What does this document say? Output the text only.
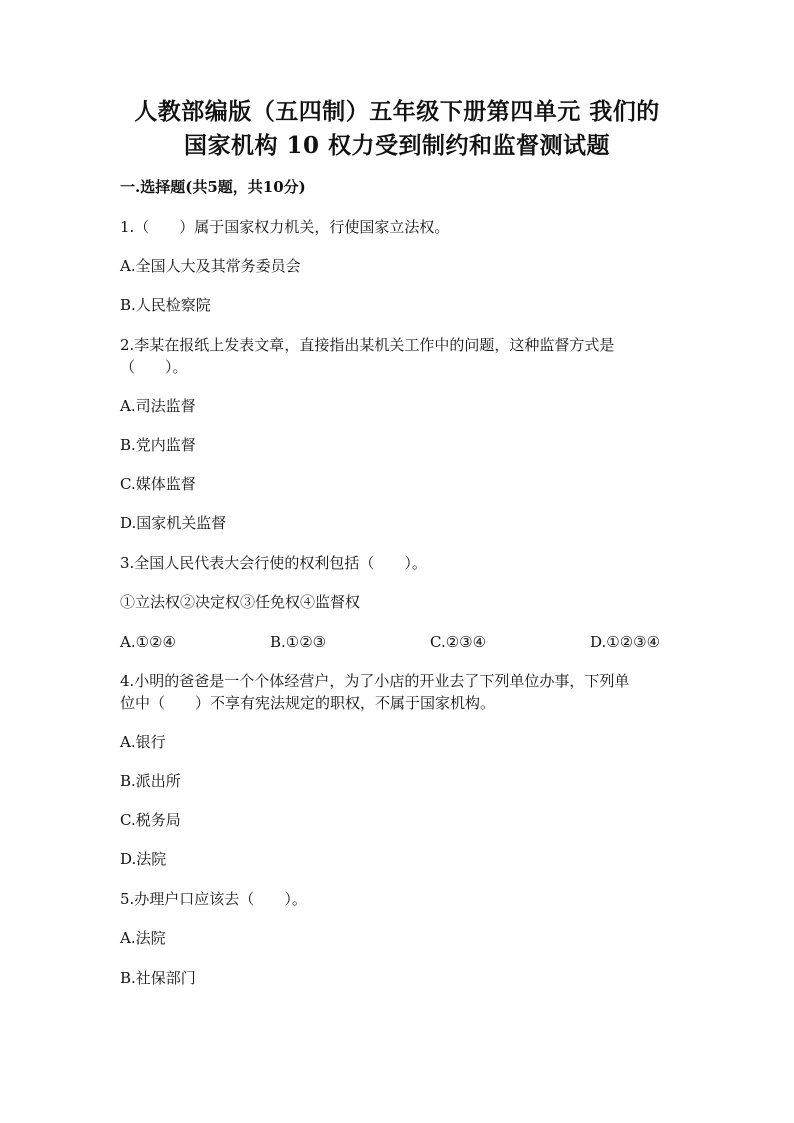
人教部编版（五四制）五年级下册第四单元 我们的
国家机构 10 权力受到制约和监督测试题
一.选择题(共5题，共10分)
1.（　　）属于国家权力机关，行使国家立法权。
A.全国人大及其常务委员会
B.人民检察院
2.李某在报纸上发表文章，直接指出某机关工作中的问题，这种监督方式是
（　　）。
A.司法监督
B.党内监督
C.媒体监督
D.国家机关监督
3.全国人民代表大会行使的权利包括（　　）。
①立法权②决定权③任免权④监督权
A.①②④	B.①②③	C.②③④	D.①②③④
4.小明的爸爸是一个个体经营户，为了小店的开业去了下列单位办事，下列单
位中（　　）不享有宪法规定的职权，不属于国家机构。
A.银行
B.派出所
C.税务局
D.法院
5.办理户口应该去（　　）。
A.法院
B.社保部门
